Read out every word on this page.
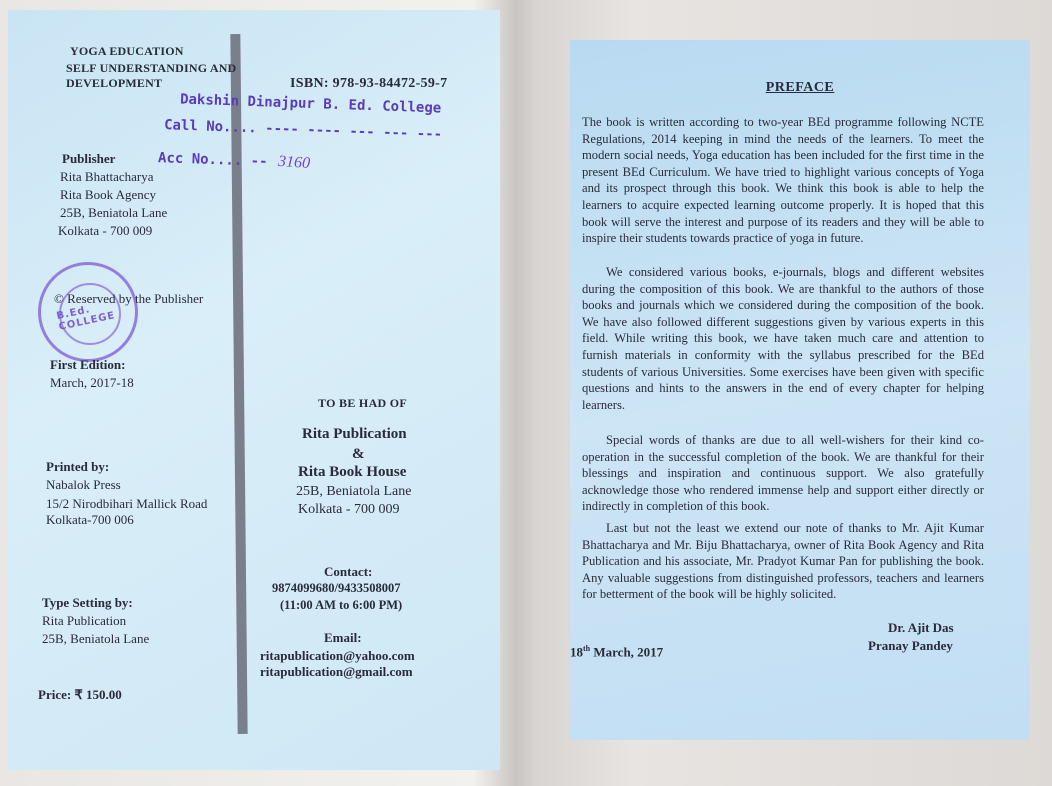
YOGA EDUCATION
SELF UNDERSTANDING AND
DEVELOPMENT	ISBN: 978-93-84472-59-7
Dakshin Dinajpur B. Ed. College
Call No.... ---- ---- --- --- ---
Acc No.... -- 3160
Publisher
Rita Bhattacharya
Rita Book Agency
25B, Beniatola Lane
Kolkata - 700 009
B.Ed. COLLEGE
© Reserved by the Publisher
First Edition:
March, 2017-18
Printed by:
Nabalok Press
15/2 Nirodbihari Mallick Road
Kolkata-700 006
Type Setting by:
Rita Publication
25B, Beniatola Lane
Price: ₹ 150.00
TO BE HAD OF
Rita Publication
&
Rita Book House
25B, Beniatola Lane
Kolkata - 700 009
Contact:
9874099680/9433508007
(11:00 AM to 6:00 PM)
Email:
ritapublication@yahoo.com
ritapublication@gmail.com
PREFACE
The book is written according to two-year BEd programme following NCTE Regulations, 2014 keeping in mind the needs of the learners. To meet the modern social needs, Yoga education has been included for the first time in the present BEd Curriculum. We have tried to highlight various concepts of Yoga and its prospect through this book. We think this book is able to help the learners to acquire expected learning outcome properly. It is hoped that this book will serve the interest and purpose of its readers and they will be able to inspire their students towards practice of yoga in future.
We considered various books, e-journals, blogs and different websites during the composition of this book. We are thankful to the authors of those books and journals which we considered during the composition of the book. We have also followed different suggestions given by various experts in this field. While writing this book, we have taken much care and attention to furnish materials in conformity with the syllabus prescribed for the BEd students of various Universities. Some exercises have been given with specific questions and hints to the answers in the end of every chapter for helping learners.
Special words of thanks are due to all well-wishers for their kind co-operation in the successful completion of the book. We are thankful for their blessings and inspiration and continuous support. We also gratefully acknowledge those who rendered immense help and support either directly or indirectly in completion of this book.
Last but not the least we extend our note of thanks to Mr. Ajit Kumar Bhattacharya and Mr. Biju Bhattacharya, owner of Rita Book Agency and Rita Publication and his associate, Mr. Pradyot Kumar Pan for publishing the book. Any valuable suggestions from distinguished professors, teachers and learners for betterment of the book will be highly solicited.
Dr. Ajit Das
Pranay Pandey
18th March, 2017
